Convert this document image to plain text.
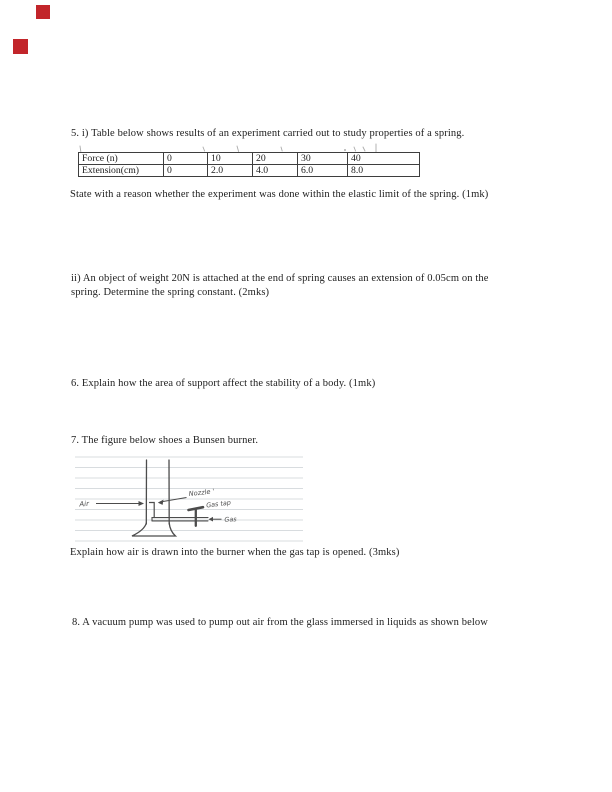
5. i) Table below shows results of an experiment carried out to study properties of a spring.
Force (n)	0	10	20	30	40
Extension(cm)	0	2.0	4.0	6.0	8.0
State with a reason whether the experiment was done within the elastic limit of the spring. (1mk)
ii) An object of weight 20N is attached at the end of spring causes an extension of 0.05cm on the
spring. Determine the spring constant. (2mks)
6. Explain how the area of support affect the stability of a body. (1mk)
7. The figure below shoes a Bunsen burner.
Air
Nozzle '
Gas tap
Gas
Explain how air is drawn into the burner when the gas tap is opened. (3mks)
8. A vacuum pump was used to pump out air from the glass immersed in liquids as shown below
